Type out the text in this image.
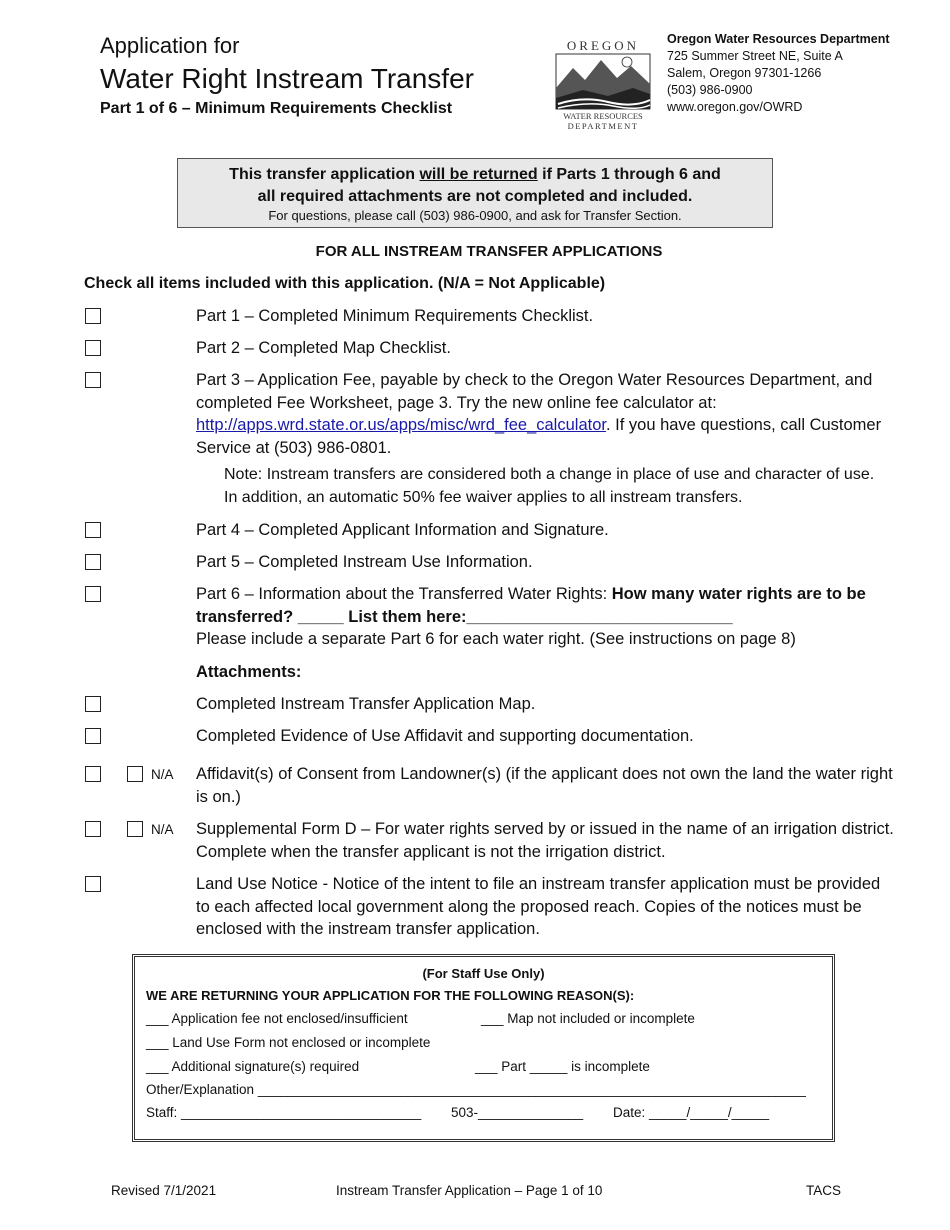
Application for
Water Right Instream Transfer
Part 1 of 6 – Minimum Requirements Checklist
OREGON
WATER RESOURCES
DEPARTMENT
Oregon Water Resources Department
725 Summer Street NE, Suite A
Salem, Oregon 97301-1266
(503) 986-0900
www.oregon.gov/OWRD
This transfer application will be returned if Parts 1 through 6 and
all required attachments are not completed and included.
For questions, please call (503) 986-0900, and ask for Transfer Section.
FOR ALL INSTREAM TRANSFER APPLICATIONS
Check all items included with this application. (N/A = Not Applicable)
Part 1 – Completed Minimum Requirements Checklist.
Part 2 – Completed Map Checklist.
Part 3 – Application Fee, payable by check to the Oregon Water Resources Department, and completed Fee Worksheet, page 3. Try the new online fee calculator at: http://apps.wrd.state.or.us/apps/misc/wrd_fee_calculator. If you have questions, call Customer Service at (503) 986-0801.
Note: Instream transfers are considered both a change in place of use and character of use. In addition, an automatic 50% fee waiver applies to all instream transfers.
Part 4 – Completed Applicant Information and Signature.
Part 5 – Completed Instream Use Information.
Part 6 – Information about the Transferred Water Rights: How many water rights are to be transferred? _____ List them here:_____________________________
Please include a separate Part 6 for each water right. (See instructions on page 8)
Attachments:
Completed Instream Transfer Application Map.
Completed Evidence of Use Affidavit and supporting documentation.
N/A Affidavit(s) of Consent from Landowner(s) (if the applicant does not own the land the water right is on.)
N/A Supplemental Form D – For water rights served by or issued in the name of an irrigation district. Complete when the transfer applicant is not the irrigation district.
Land Use Notice - Notice of the intent to file an instream transfer application must be provided to each affected local government along the proposed reach. Copies of the notices must be enclosed with the instream transfer application.
(For Staff Use Only)
WE ARE RETURNING YOUR APPLICATION FOR THE FOLLOWING REASON(S):
___ Application fee not enclosed/insufficient	___ Map not included or incomplete
___ Land Use Form not enclosed or incomplete
___ Additional signature(s) required	___ Part _____ is incomplete
Other/Explanation _________________________________________________________________________
Staff: ________________________________ 503-______________ Date: _____/_____/_____
Revised 7/1/2021	Instream Transfer Application – Page 1 of 10	TACS
